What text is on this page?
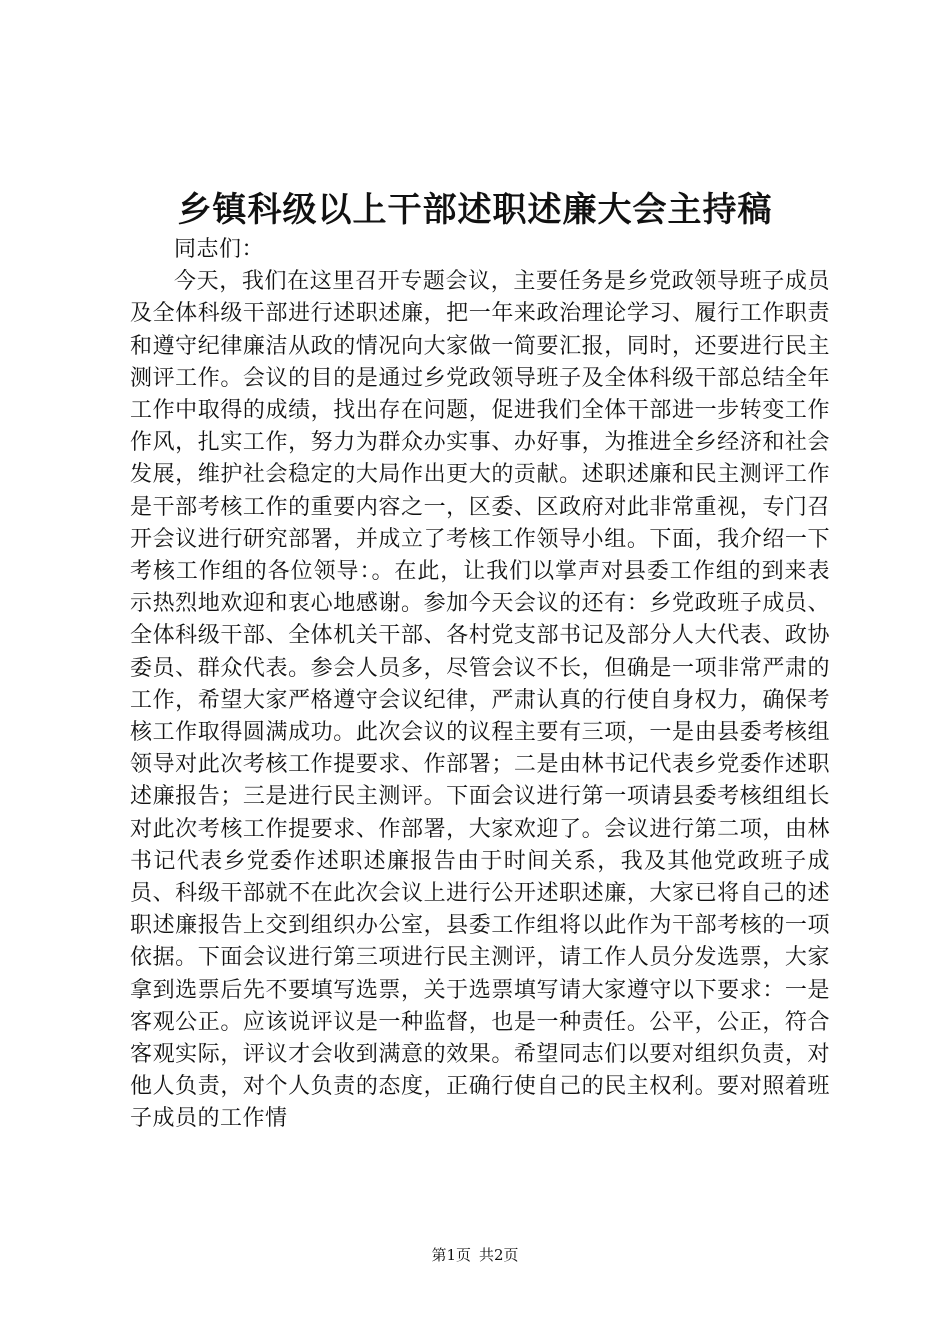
乡镇科级以上干部述职述廉大会主持稿

同志们：

今天，我们在这里召开专题会议，主要任务是乡党政领导班子成员及全体科级干部进行述职述廉，把一年来政治理论学习、履行工作职责和遵守纪律廉洁从政的情况向大家做一简要汇报，同时，还要进行民主测评工作。会议的目的是通过乡党政领导班子及全体科级干部总结全年工作中取得的成绩，找出存在问题，促进我们全体干部进一步转变工作作风，扎实工作，努力为群众办实事、办好事，为推进全乡经济和社会发展，维护社会稳定的大局作出更大的贡献。述职述廉和民主测评工作是干部考核工作的重要内容之一，区委、区政府对此非常重视，专门召开会议进行研究部署，并成立了考核工作领导小组。下面，我介绍一下考核工作组的各位领导：。在此，让我们以掌声对县委工作组的到来表示热烈地欢迎和衷心地感谢。参加今天会议的还有：乡党政班子成员、全体科级干部、全体机关干部、各村党支部书记及部分人大代表、政协委员、群众代表。参会人员多，尽管会议不长，但确是一项非常严肃的工作，希望大家严格遵守会议纪律，严肃认真的行使自身权力，确保考核工作取得圆满成功。此次会议的议程主要有三项，一是由县委考核组领导对此次考核工作提要求、作部署；二是由林书记代表乡党委作述职述廉报告；三是进行民主测评。下面会议进行第一项请县委考核组组长对此次考核工作提要求、作部署，大家欢迎了。会议进行第二项，由林书记代表乡党委作述职述廉报告由于时间关系，我及其他党政班子成员、科级干部就不在此次会议上进行公开述职述廉，大家已将自己的述职述廉报告上交到组织办公室，县委工作组将以此作为干部考核的一项依据。下面会议进行第三项进行民主测评，请工作人员分发选票，大家拿到选票后先不要填写选票，关于选票填写请大家遵守以下要求：一是客观公正。应该说评议是一种监督，也是一种责任。公平，公正，符合客观实际，评议才会收到满意的效果。希望同志们以要对组织负责，对他人负责，对个人负责的态度，正确行使自己的民主权利。要对照着班子成员的工作情

第1页 共2页
